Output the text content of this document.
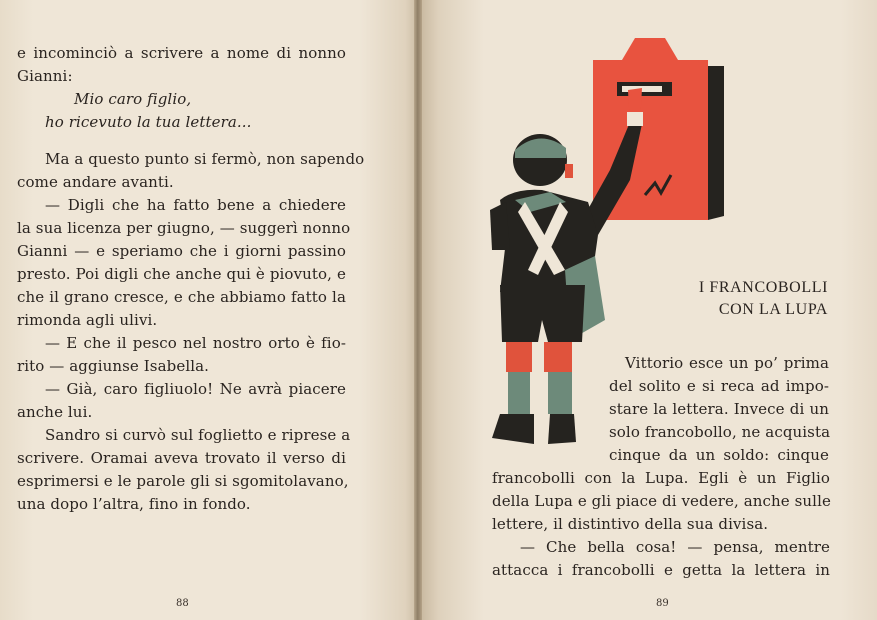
e incominciò a scrivere a nome di nonno
Gianni:
Mio caro figlio,
ho ricevuto la tua lettera...
Ma a questo punto si fermò, non sapendo
come andare avanti.
— Digli che ha fatto bene a chiedere
la sua licenza per giugno, — suggerì nonno
Gianni — e speriamo che i giorni passino
presto. Poi digli che anche qui è piovuto, e
che il grano cresce, e che abbiamo fatto la
rimonda agli ulivi.
— E che il pesco nel nostro orto è fio-
rito — aggiunse Isabella.
— Già, caro figliuolo! Ne avrà piacere
anche lui.
Sandro si curvò sul foglietto e riprese a
scrivere. Oramai aveva trovato il verso di
esprimersi e le parole gli si sgomitolavano,
una dopo l’altra, fino in fondo.
88
I FRANCOBOLLI
CON LA LUPA
Vittorio esce un po’ prima
del solito e si reca ad impo-
stare la lettera. Invece di un
solo francobollo, ne acquista
cinque da un soldo: cinque
francobolli con la Lupa. Egli è un Figlio
della Lupa e gli piace di vedere, anche sulle
lettere, il distintivo della sua divisa.
— Che bella cosa! — pensa, mentre
attacca i francobolli e getta la lettera in
89
